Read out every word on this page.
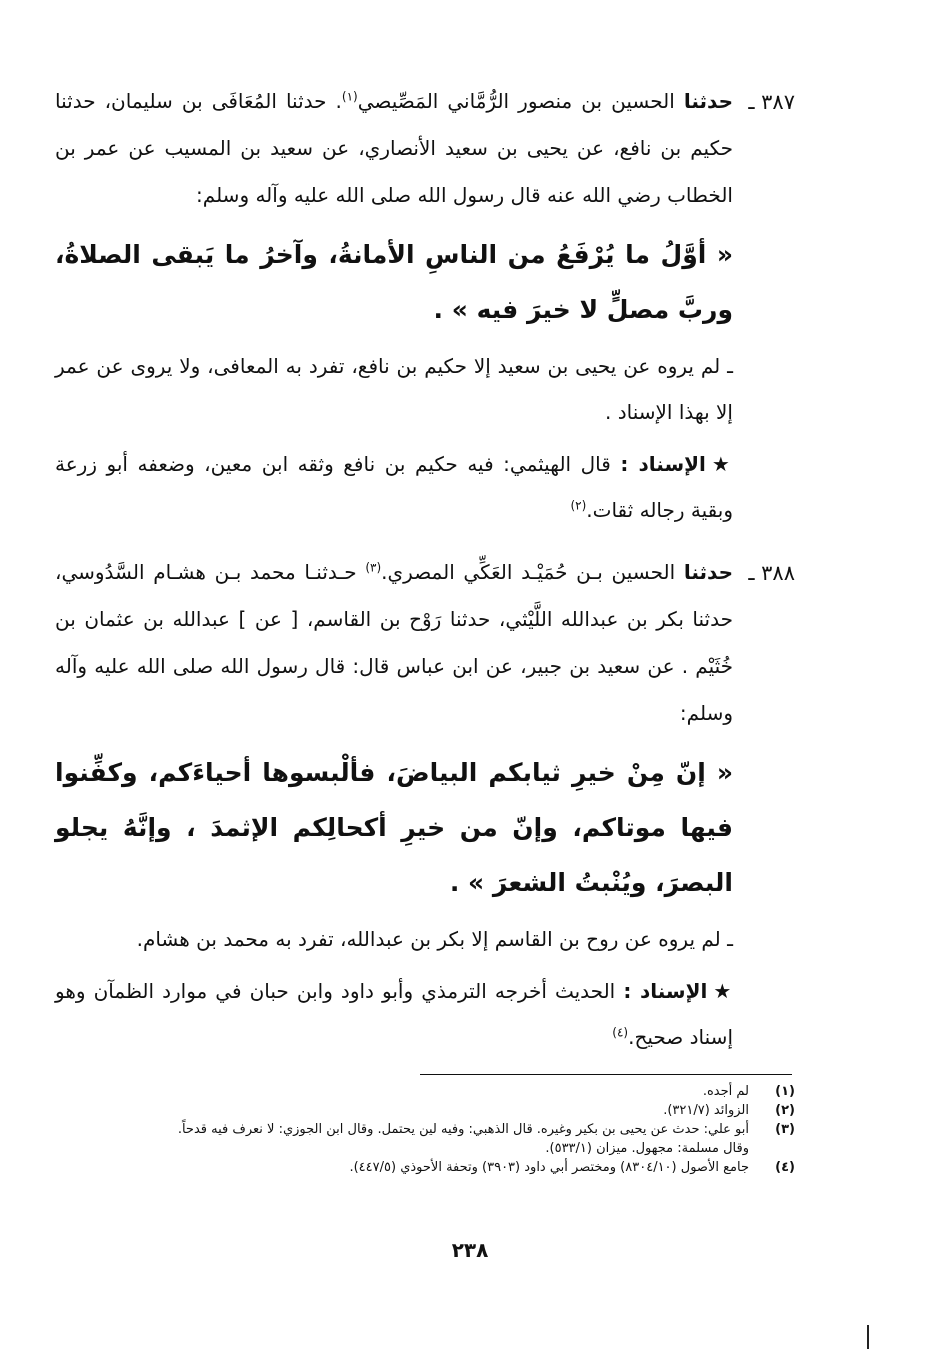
٣٨٧ ـ

حدثنا الحسين بن منصور الرُّمَّاني المَصِّيصي$^{(١)}$. حدثنا المُعَافَى بن سليمان، حدثنا حكيم بن نافع، عن يحيى بن سعيد الأنصاري، عن سعيد بن المسيب عن عمر بن الخطاب رضي الله عنه قال رسول الله صلى الله عليه وآله وسلم:

« أوَّلُ ما يُرْفَعُ من الناسِ الأمانةُ، وآخرُ ما يَبقى الصلاةُ، وربَّ مصلٍّ لا خيرَ فيه » .

ـ لم يروه عن يحيى بن سعيد إلا حكيم بن نافع، تفرد به المعافى، ولا يروى عن عمر إلا بهذا الإسناد .

★الإسناد : قال الهيثمي: فيه حكيم بن نافع وثقه ابن معين، وضعفه أبو زرعة وبقية رجاله ثقات.$^{(٢)}$

٣٨٨ ـ

حدثنا الحسين بـن حُمَيْـد العَكِّي المصري.$^{(٣)}$ حـدثنـا محمد بـن هشـام السَّدُوسي، حدثنا بكر بن عبدالله اللَّيْثي، حدثنا رَوْح بن القاسم، [ عن ] عبدالله بن عثمان بن خُثَيْم . عن سعيد بن جبير، عن ابن عباس قال: قال رسول الله صلى الله عليه وآله وسلم:

« إنّ مِنْ خيرِ ثيابكم البياضَ، فألْبسوها أحياءَكم، وكفِّنوا فيها موتاكم، وإنّ من خيرِ أكحالِكم الإثمدَ ، وإنَّهُ يجلو البصرَ، ويُنْبتُ الشعرَ » .

ـ لم يروه عن روح بن القاسم إلا بكر بن عبدالله، تفرد به محمد بن هشام.

★الإسناد : الحديث أخرجه الترمذي وأبو داود وابن حبان في موارد الظمآن وهو إسناد صحيح.$^{(٤)}$

(١)
لم أجده.
(٢)
الزوائد (٣٢١/٧).
(٣)
أبو علي: حدث عن يحيى بن بكير وغيره. قال الذهبي: وفيه لين يحتمل. وقال ابن الجوزي: لا نعرف فيه قدحاً.
وقال مسلمة: مجهول. ميزان (٥٣٣/١).
(٤)
جامع الأصول (٨٣٠٤/١٠) ومختصر أبي داود (٣٩٠٣) وتحفة الأحوذي (٤٤٧/٥).
٢٣٨
